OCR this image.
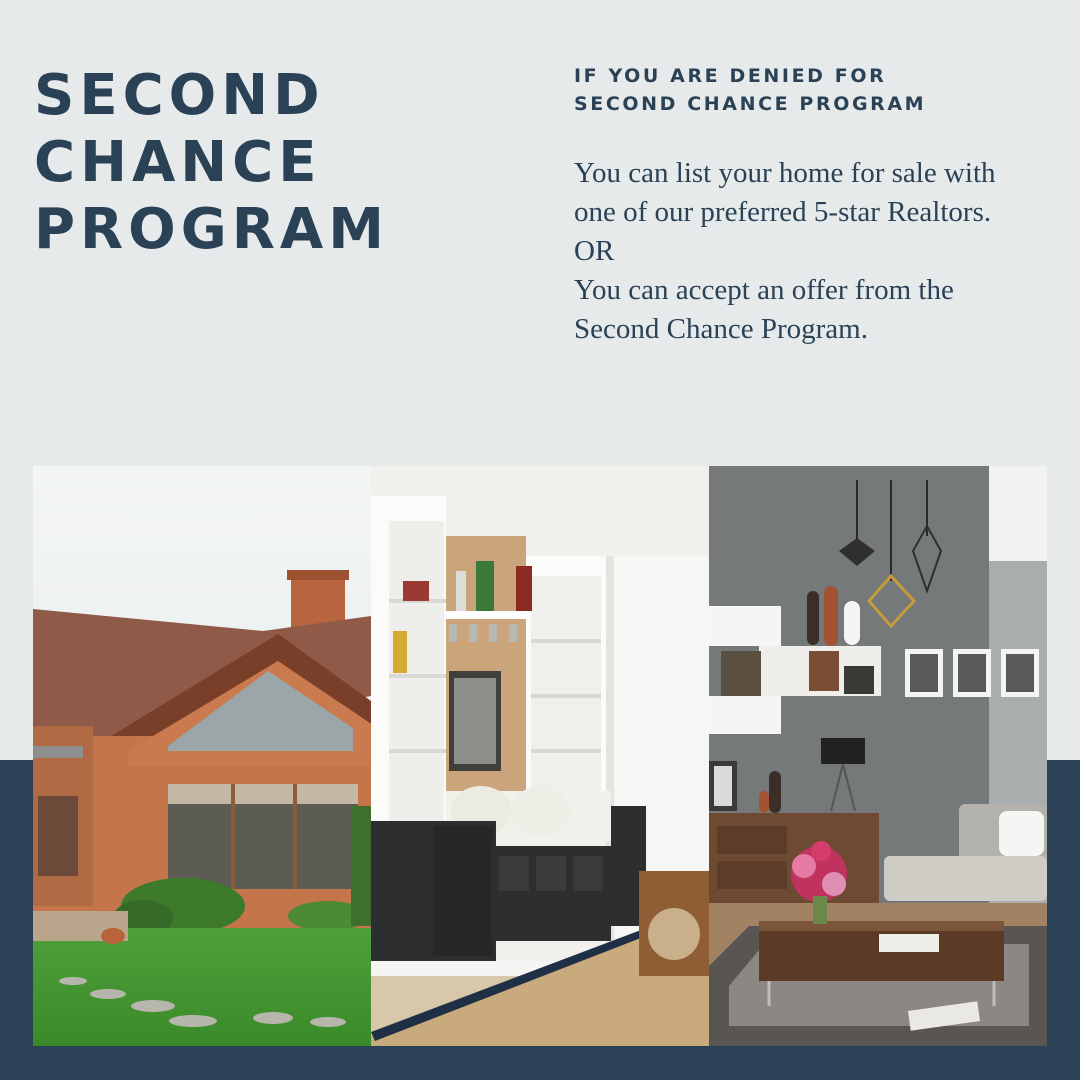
SECOND
CHANCE
PROGRAM
IF YOU ARE DENIED FOR
SECOND CHANCE PROGRAM
You can list your home for sale with
one of our preferred 5-star Realtors.
OR
You can accept an offer from the
Second Chance Program.
